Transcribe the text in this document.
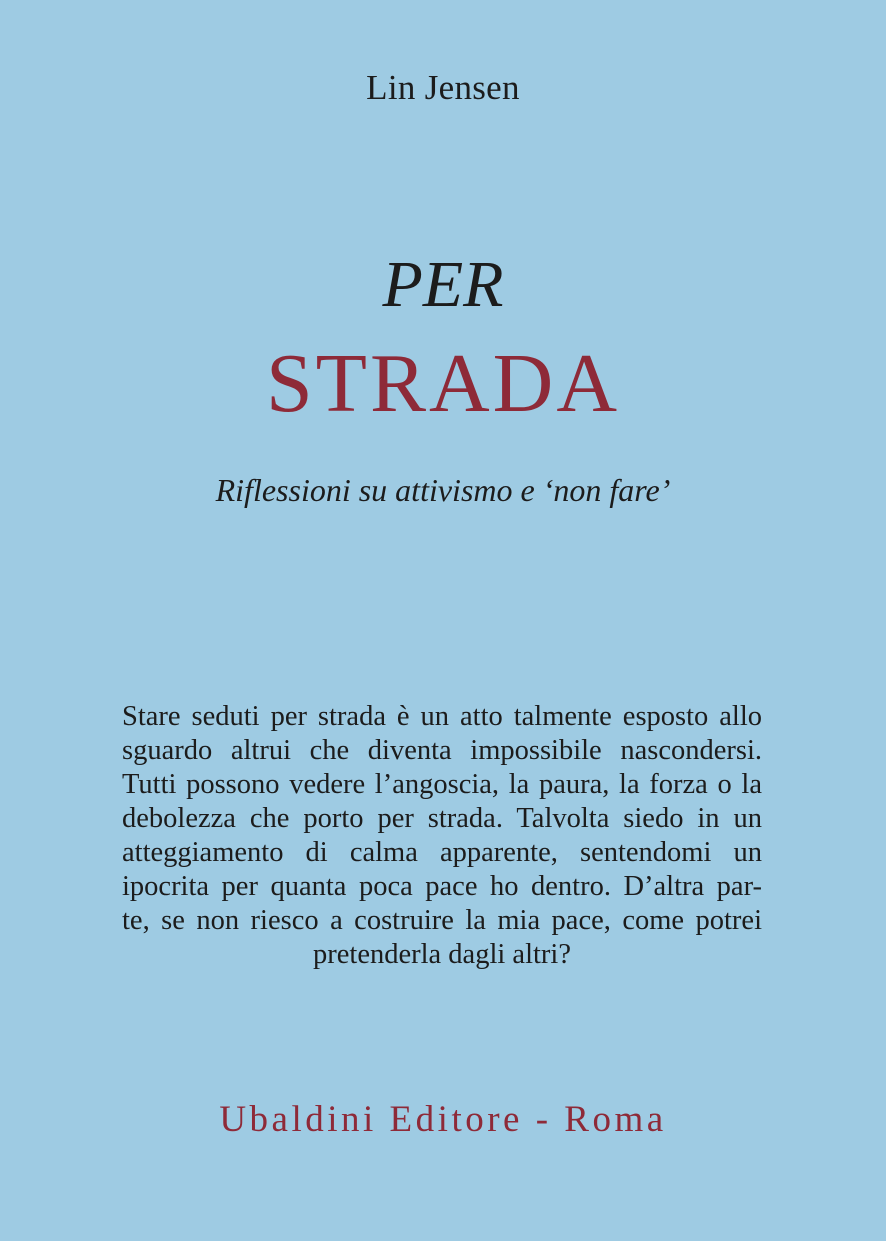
Lin Jensen
PER
STRADA
Riflessioni su attivismo e ‘non fare’
Stare seduti per strada è un atto talmente esposto allo
sguardo altrui che diventa impossibile nascondersi.
Tutti possono vedere l’angoscia, la paura, la forza o la
debolezza che porto per strada. Talvolta siedo in un
atteggiamento di calma apparente, sentendomi un
ipocrita per quanta poca pace ho dentro. D’altra par-
te, se non riesco a costruire la mia pace, come potrei
pretenderla dagli altri?
Ubaldini Editore - Roma
